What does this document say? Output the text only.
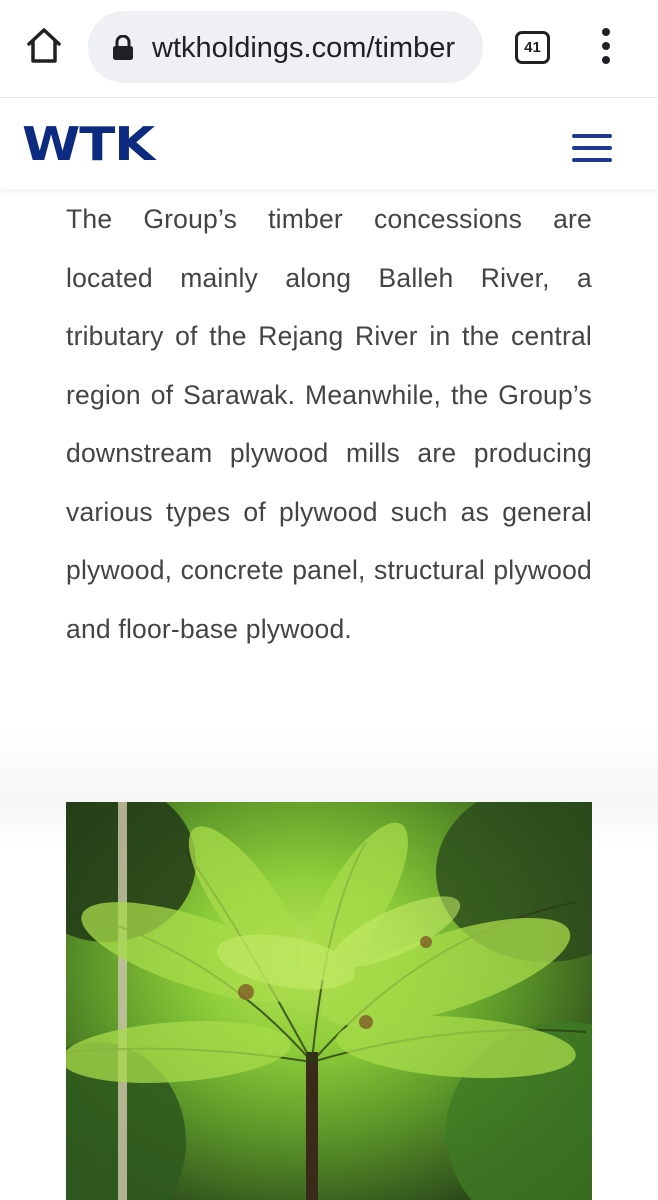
wtkholdings.com/timber	41
WTK

The Group’s timber concessions are located mainly along Balleh River, a tributary of the Rejang River in the central region of Sarawak. Meanwhile, the Group’s downstream plywood mills are producing various types of plywood such as general plywood, concrete panel, structural plywood and floor-base plywood.
